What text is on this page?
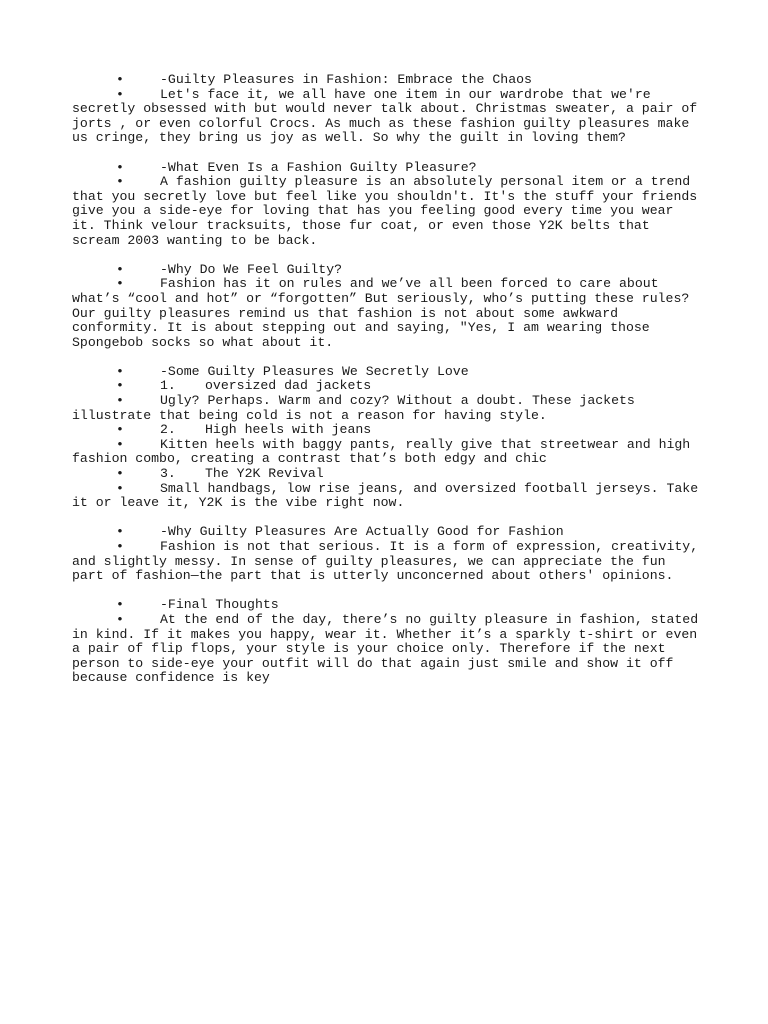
•	-Guilty Pleasures in Fashion: Embrace the Chaos
•	Let's face it, we all have one item in our wardrobe that we're secretly obsessed with but would never talk about. Christmas sweater, a pair of jorts , or even colorful Crocs. As much as these fashion guilty pleasures make us cringe, they bring us joy as well. So why the guilt in loving them?
•	-What Even Is a Fashion Guilty Pleasure?
•	A fashion guilty pleasure is an absolutely personal item or a trend that you secretly love but feel like you shouldn't. It's the stuff your friends give you a side-eye for loving that has you feeling good every time you wear it. Think velour tracksuits, those fur coat, or even those Y2K belts that scream 2003 wanting to be back.
•	-Why Do We Feel Guilty?
•	Fashion has it on rules and we’ve all been forced to care about what’s “cool and hot” or “forgotten” But seriously, who’s putting these rules? Our guilty pleasures remind us that fashion is not about some awkward conformity. It is about stepping out and saying, "Yes, I am wearing those Spongebob socks so what about it.
•	-Some Guilty Pleasures We Secretly Love
•	1. oversized dad jackets
•	Ugly? Perhaps. Warm and cozy? Without a doubt. These jackets illustrate that being cold is not a reason for having style.
•	2. High heels with jeans
•	Kitten heels with baggy pants, really give that streetwear and high fashion combo, creating a contrast that’s both edgy and chic
•	3. The Y2K Revival
•	Small handbags, low rise jeans, and oversized football jerseys. Take it or leave it, Y2K is the vibe right now.
•	-Why Guilty Pleasures Are Actually Good for Fashion
•	Fashion is not that serious. It is a form of expression, creativity, and slightly messy. In sense of guilty pleasures, we can appreciate the fun part of fashion—the part that is utterly unconcerned about others' opinions.
•	-Final Thoughts
•	At the end of the day, there’s no guilty pleasure in fashion, stated in kind. If it makes you happy, wear it. Whether it’s a sparkly t-shirt or even a pair of flip flops, your style is your choice only. Therefore if the next person to side-eye your outfit will do that again just smile and show it off because confidence is key
